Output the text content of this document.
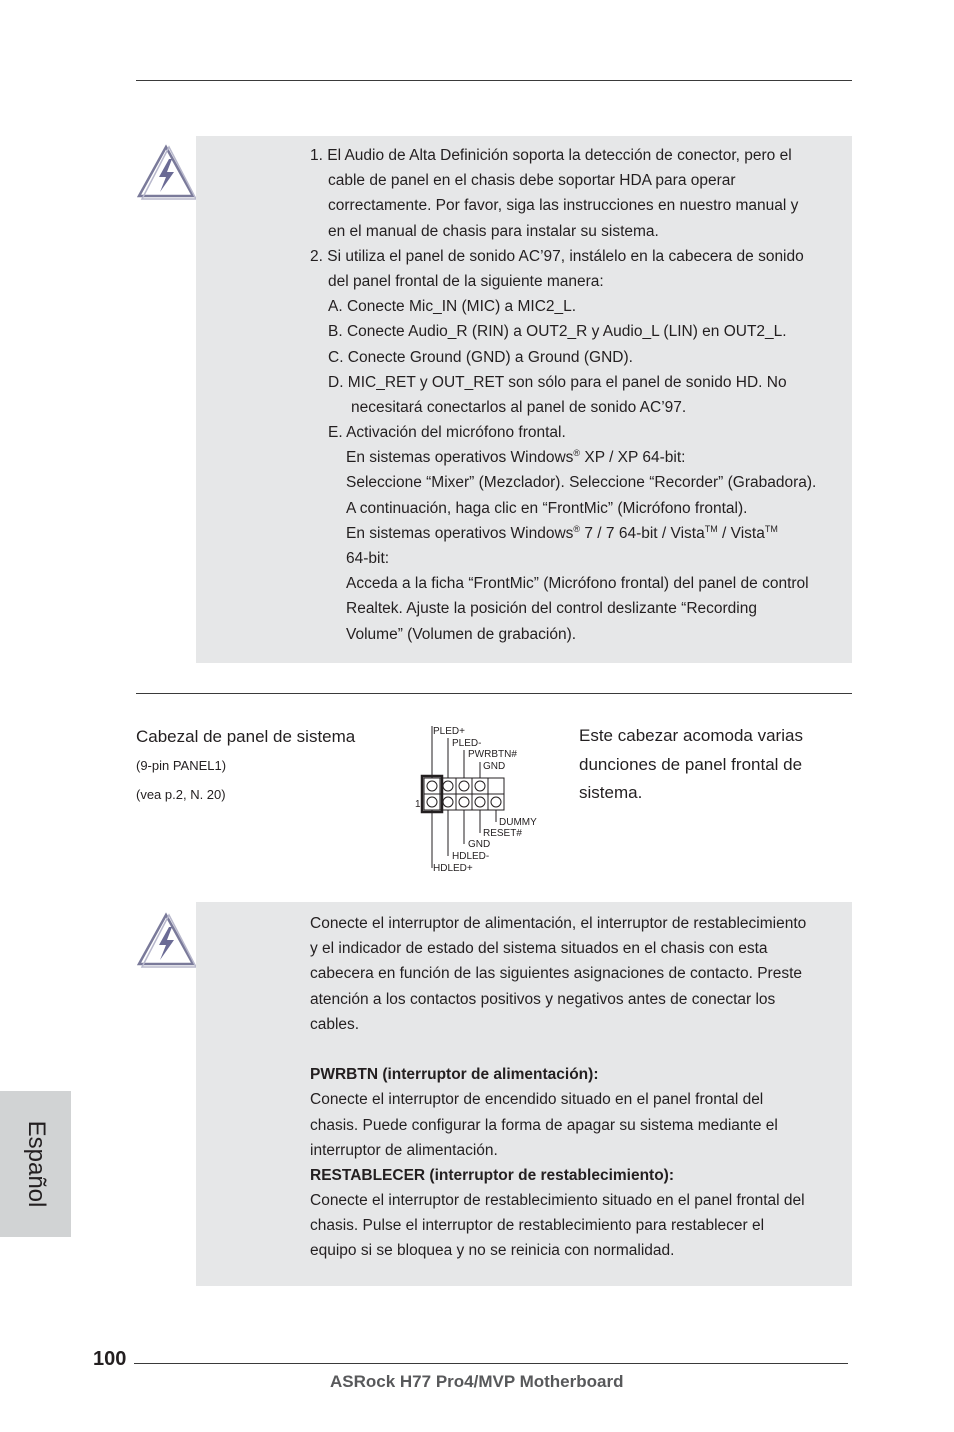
1. El Audio de Alta Definición soporta la detección de conector, pero el
cable de panel en el chasis debe soportar HDA para operar
correctamente. Por favor, siga las instrucciones en nuestro manual y
en el manual de chasis para instalar su sistema.
2. Si utiliza el panel de sonido AC’97, instálelo en la cabecera de sonido
del panel frontal de la siguiente manera:
A. Conecte Mic_IN (MIC) a MIC2_L.
B. Conecte Audio_R (RIN) a OUT2_R y Audio_L (LIN) en OUT2_L.
C. Conecte Ground (GND) a Ground (GND).
D. MIC_RET y OUT_RET son sólo para el panel de sonido HD. No
necesitará conectarlos al panel de sonido AC’97.
E. Activación del micrófono frontal.
En sistemas operativos Windows® XP / XP 64-bit:
Seleccione “Mixer” (Mezclador). Seleccione “Recorder” (Grabadora).
A continuación, haga clic en “FrontMic” (Micrófono frontal).
En sistemas operativos Windows® 7 / 7 64-bit / Vista™ / Vista™
64-bit:
Acceda a la ficha “FrontMic” (Micrófono frontal) del panel de control
Realtek. Ajuste la posición del control deslizante “Recording
Volume” (Volumen de grabación).
Cabezal de panel de sistema
(9-pin PANEL1)
(vea p.2, N. 20)
PLED+
PLED-
PWRBTN#
GND
1
DUMMY
RESET#
GND
HDLED-
HDLED+
Este cabezar acomoda varias
dunciones de panel frontal de
sistema.
Conecte el interruptor de alimentación, el interruptor de restablecimiento
y el indicador de estado del sistema situados en el chasis con esta
cabecera en función de las siguientes asignaciones de contacto. Preste
atención a los contactos positivos y negativos antes de conectar los
cables.
PWRBTN (interruptor de alimentación):
Conecte el interruptor de encendido situado en el panel frontal del
chasis. Puede configurar la forma de apagar su sistema mediante el
interruptor de alimentación.
RESTABLECER (interruptor de restablecimiento):
Conecte el interruptor de restablecimiento situado en el panel frontal del
chasis. Pulse el interruptor de restablecimiento para restablecer el
equipo si se bloquea y no se reinicia con normalidad.
Español
100
ASRock H77 Pro4/MVP Motherboard
